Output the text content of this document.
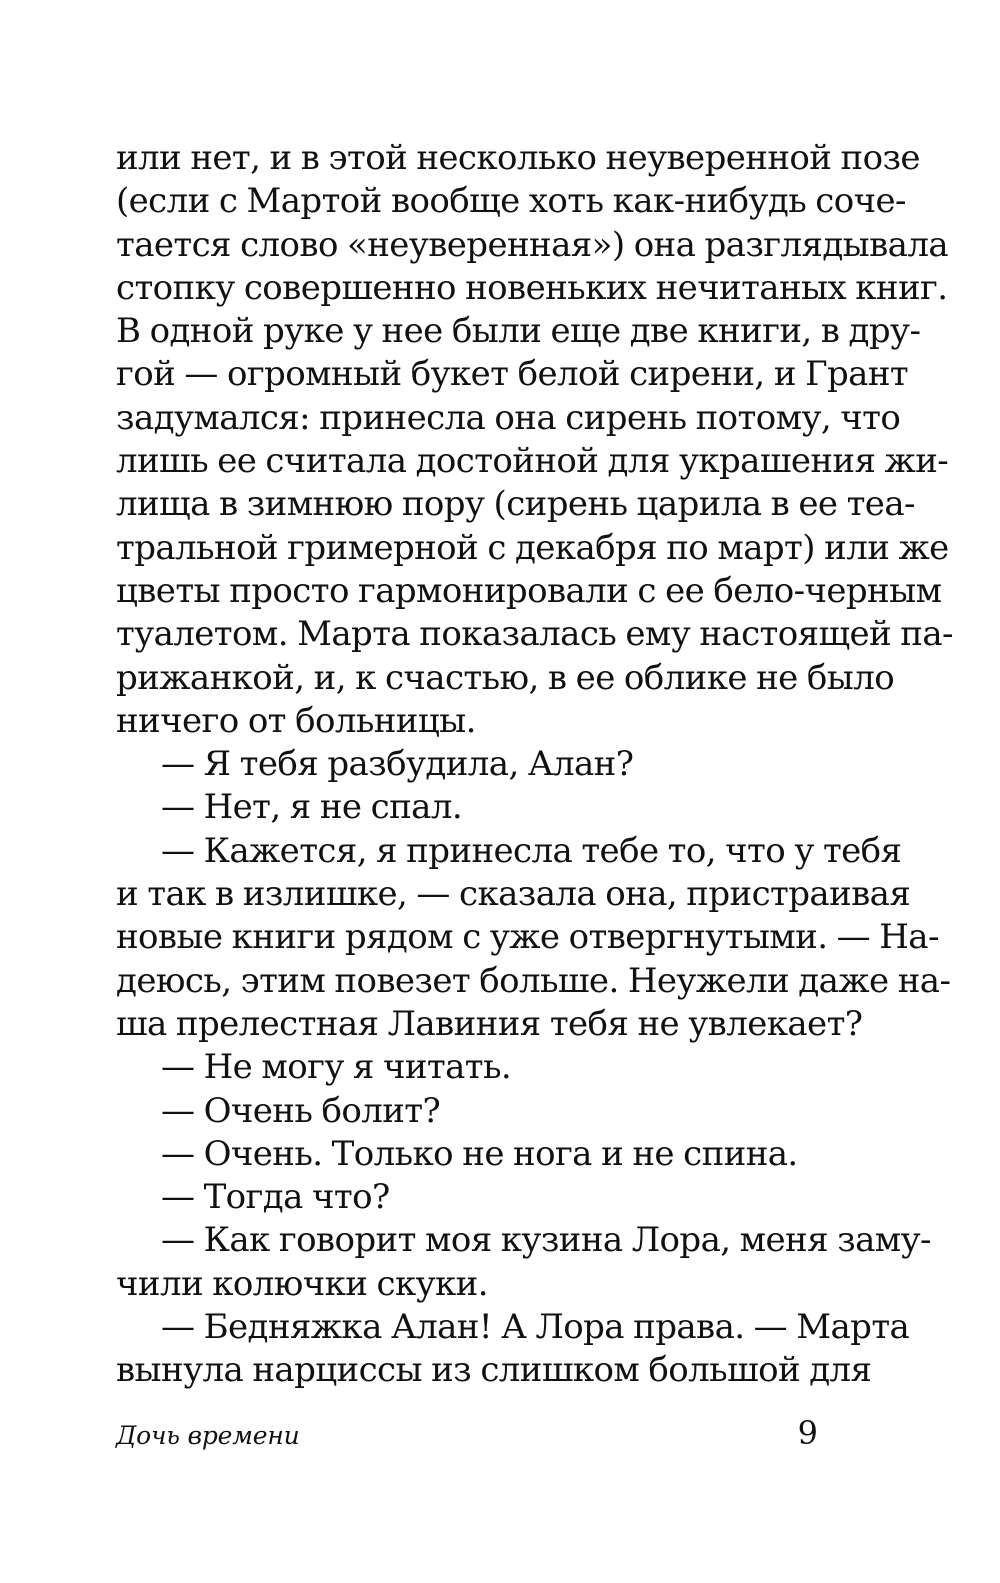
или нет, и в этой несколько неуверенной позе
(если с Мартой вообще хоть как-нибудь соче-
тается слово «неуверенная») она разглядывала
стопку совершенно новеньких нечитаных книг.
В одной руке у нее были еще две книги, в дру-
гой — огромный букет белой сирени, и Грант
задумался: принесла она сирень потому, что
лишь ее считала достойной для украшения жи-
лища в зимнюю пору (сирень царила в ее теа-
тральной гримерной с декабря по март) или же
цветы просто гармонировали с ее бело-черным
туалетом. Марта показалась ему настоящей па-
рижанкой, и, к счастью, в ее облике не было
ничего от больницы.
— Я тебя разбудила, Алан?
— Нет, я не спал.
— Кажется, я принесла тебе то, что у тебя
и так в излишке, — сказала она, пристраивая
новые книги рядом с уже отвергнутыми. — На-
деюсь, этим повезет больше. Неужели даже на-
ша прелестная Лавиния тебя не увлекает?
— Не могу я читать.
— Очень болит?
— Очень. Только не нога и не спина.
— Тогда что?
— Как говорит моя кузина Лора, меня заму-
чили колючки скуки.
— Бедняжка Алан! А Лора права. — Марта
вынула нарциссы из слишком большой для
Дочь времени	9
